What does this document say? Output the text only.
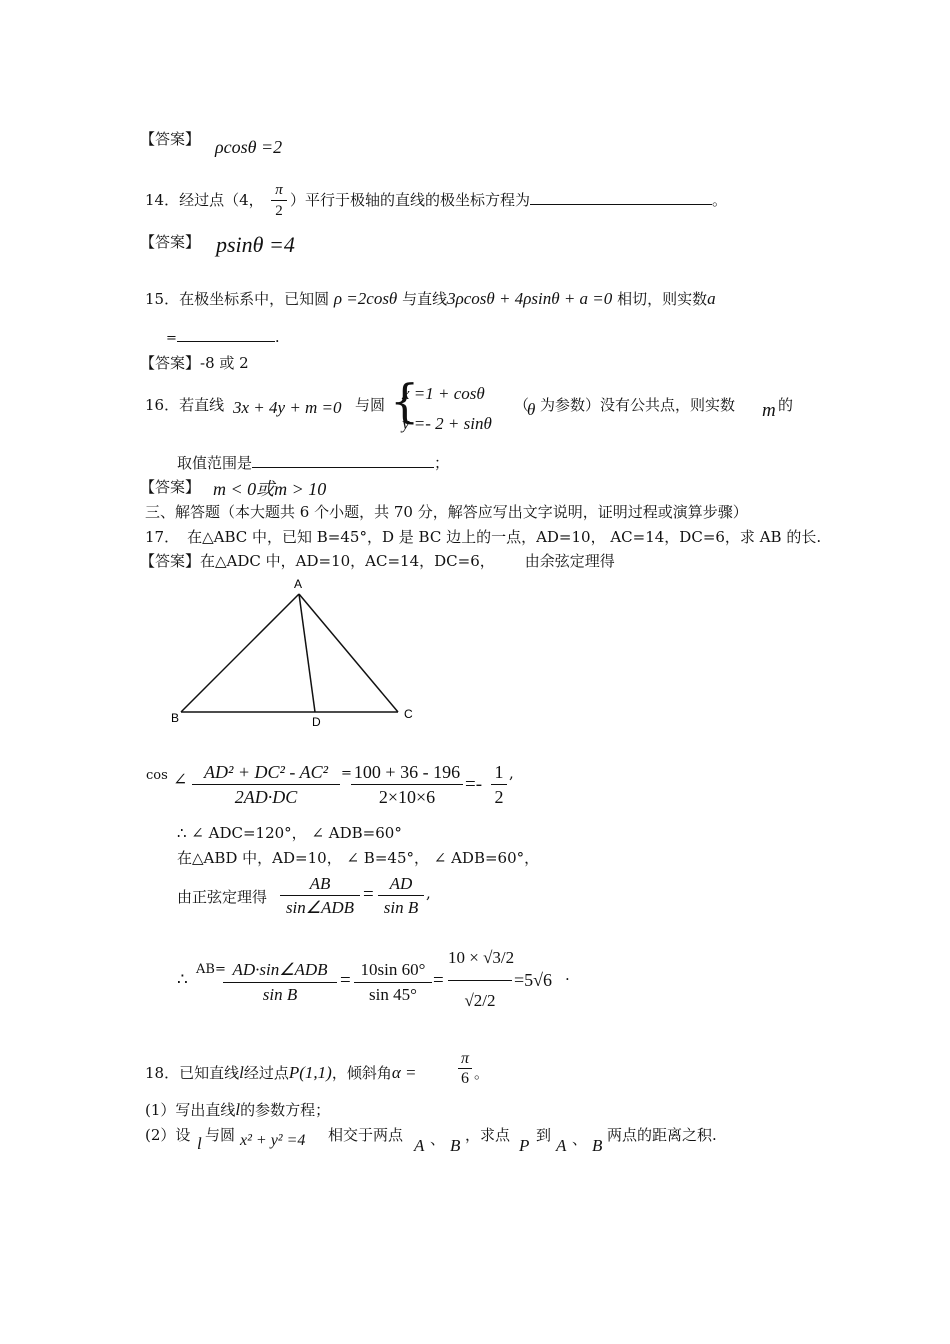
【答案】 ρcosθ =2
14．经过点（4， $\frac{\pi}{2}$ ）平行于极轴的直线的极坐标方程为	。
【答案】 psinθ =4
15．在极坐标系中，已知圆 ρ =2cosθ 与直线3ρcosθ + 4ρsinθ + a =0 相切，则实数a
=	.
【答案】-8 或 2
16．若直线 3x + 4y + m =0 与圆 {
x =1 + cosθ
y =- 2 + sinθ
（
θ 为参数）没有公共点，则实数 m 的
取值范围是	；
【答案】 m < 0或m > 10
三、解答题（本大题共 6 个小题，共 70 分，解答应写出文字说明，证明过程或演算步骤）
17． 在△ABC 中，已知 B=45°，D 是 BC 边上的一点，AD=10， AC=14，DC=6，求 AB 的长.
【答案】在△ADC 中，AD=10，AC=14，DC=6， 由余弦定理得
A
B	C
D
cos ∠ $\frac{\text{AD² + DC² - AC²}}{2AD\cdot DC} = \frac{100 + 36 - 196}{2\times 10\times 6} =- \frac{1}{2}$ ,
∴ ∠ ADC=120°， ∠ ADB=60°
在△ABD 中，AD=10， ∠ B=45°， ∠ ADB=60°，
由正弦定理得
AB
sin∠ADB
= $\frac{AD}{\text{sin B}}$ ,
∴
AB= AD·sin∠ADB
sin B
= $\frac{10\sin 60^\circ}{\sin 45^\circ} = \frac{10 \times √3/2}{√2/2} =5√6$ .
18．已知直线l经过点P(1,1)，倾斜角α =	$\frac{\pi}{6}$ 。
(1）写出直线l的参数方程；
(2）设 l 与圆 x² + y² =4 相交于两点
A 、 B
，求点
P
到
A 、 B
两点的距离之积.
